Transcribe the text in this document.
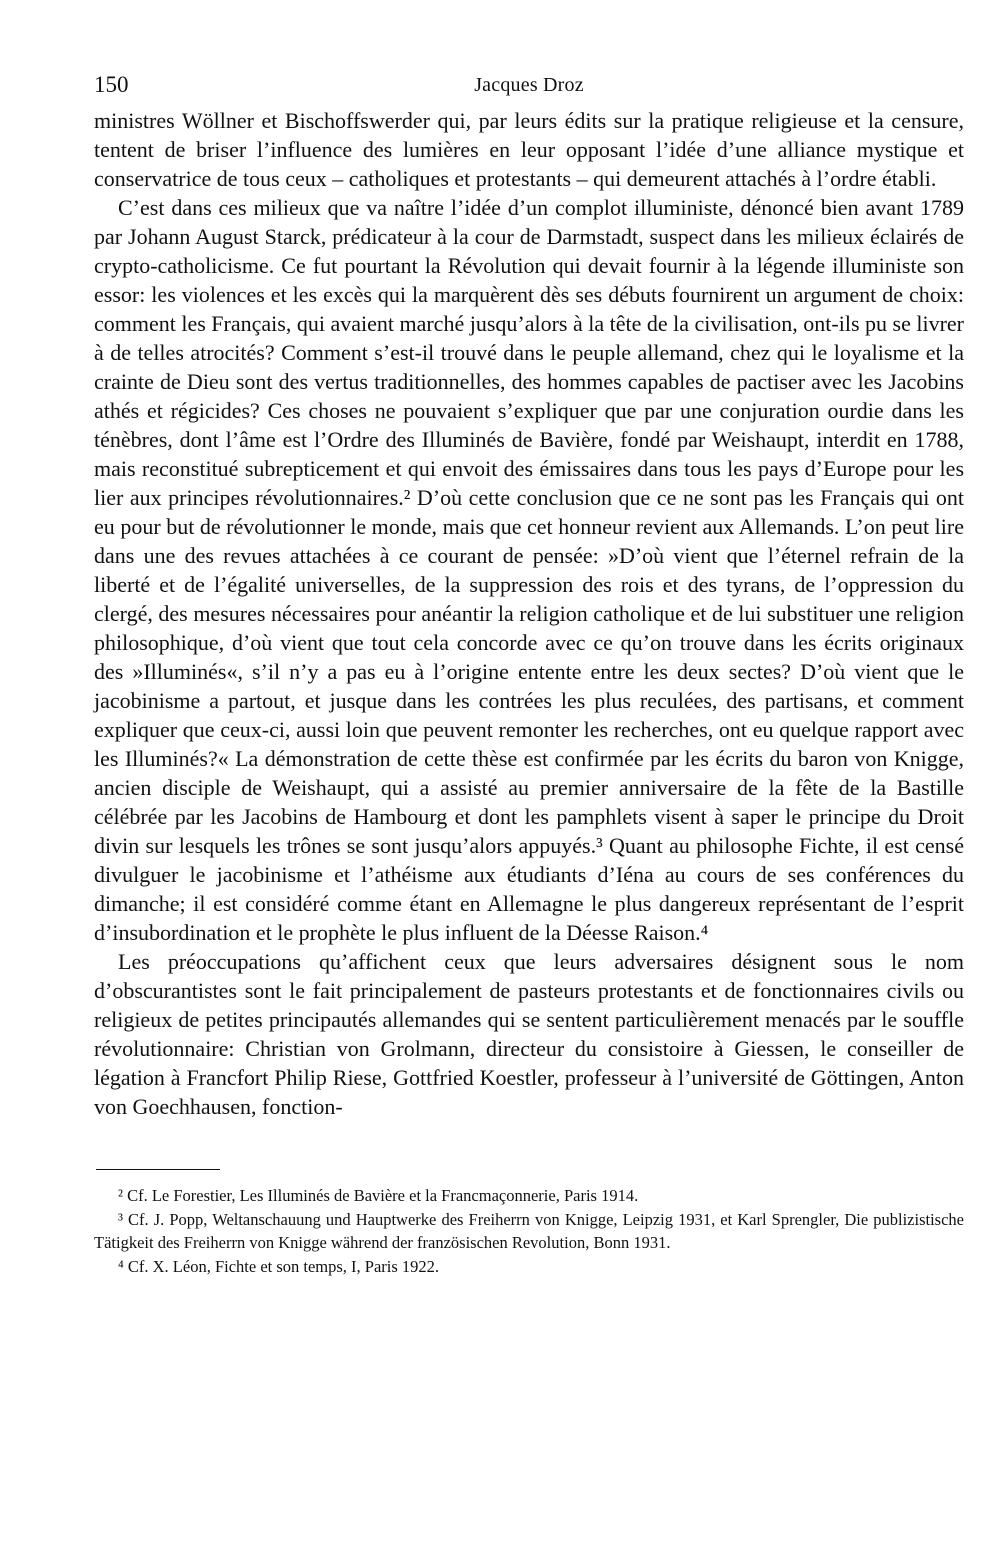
150	Jacques Droz

ministres Wöllner et Bischoffswerder qui, par leurs édits sur la pratique religieuse et la censure, tentent de briser l’influence des lumières en leur opposant l’idée d’une alliance mystique et conservatrice de tous ceux – catholiques et protestants – qui demeurent attachés à l’ordre établi.

C’est dans ces milieux que va naître l’idée d’un complot illuministe, dénoncé bien avant 1789 par Johann August Starck, prédicateur à la cour de Darmstadt, suspect dans les milieux éclairés de crypto-catholicisme. Ce fut pourtant la Révolution qui devait fournir à la légende illuministe son essor: les violences et les excès qui la marquèrent dès ses débuts fournirent un argument de choix: comment les Français, qui avaient marché jusqu’alors à la tête de la civilisation, ont-ils pu se livrer à de telles atrocités? Comment s’est-il trouvé dans le peuple allemand, chez qui le loyalisme et la crainte de Dieu sont des vertus traditionnelles, des hommes capables de pactiser avec les Jacobins athés et régicides? Ces choses ne pouvaient s’expliquer que par une conjuration ourdie dans les ténèbres, dont l’âme est l’Ordre des Illuminés de Bavière, fondé par Weishaupt, interdit en 1788, mais reconstitué subrepticement et qui envoit des émissaires dans tous les pays d’Europe pour les lier aux principes révolutionnaires.² D’où cette conclusion que ce ne sont pas les Français qui ont eu pour but de révolutionner le monde, mais que cet honneur revient aux Allemands. L’on peut lire dans une des revues attachées à ce courant de pensée: »D’où vient que l’éternel refrain de la liberté et de l’égalité universelles, de la suppression des rois et des tyrans, de l’oppression du clergé, des mesures nécessaires pour anéantir la religion catholique et de lui substituer une religion philosophique, d’où vient que tout cela concorde avec ce qu’on trouve dans les écrits originaux des »Illuminés«, s’il n’y a pas eu à l’origine entente entre les deux sectes? D’où vient que le jacobinisme a partout, et jusque dans les contrées les plus reculées, des partisans, et comment expliquer que ceux-ci, aussi loin que peuvent remonter les recherches, ont eu quelque rapport avec les Illuminés?« La démonstration de cette thèse est confirmée par les écrits du baron von Knigge, ancien disciple de Weishaupt, qui a assisté au premier anniversaire de la fête de la Bastille célébrée par les Jacobins de Hambourg et dont les pamphlets visent à saper le principe du Droit divin sur lesquels les trônes se sont jusqu’alors appuyés.³ Quant au philosophe Fichte, il est censé divulguer le jacobinisme et l’athéisme aux étudiants d’Iéna au cours de ses conférences du dimanche; il est considéré comme étant en Allemagne le plus dangereux représentant de l’esprit d’insubordination et le prophète le plus influent de la Déesse Raison.⁴

Les préoccupations qu’affichent ceux que leurs adversaires désignent sous le nom d’obscurantistes sont le fait principalement de pasteurs protestants et de fonctionnaires civils ou religieux de petites principautés allemandes qui se sentent particulièrement menacés par le souffle révolutionnaire: Christian von Grolmann, directeur du consistoire à Giessen, le conseiller de légation à Francfort Philip Riese, Gottfried Koestler, professeur à l’université de Göttingen, Anton von Goechhausen, fonction-

² Cf. Le Forestier, Les Illuminés de Bavière et la Francmaçonnerie, Paris 1914.

³ Cf. J. Popp, Weltanschauung und Hauptwerke des Freiherrn von Knigge, Leipzig 1931, et Karl Sprengler, Die publizistische Tätigkeit des Freiherrn von Knigge während der französischen Revolution, Bonn 1931.

⁴ Cf. X. Léon, Fichte et son temps, I, Paris 1922.
